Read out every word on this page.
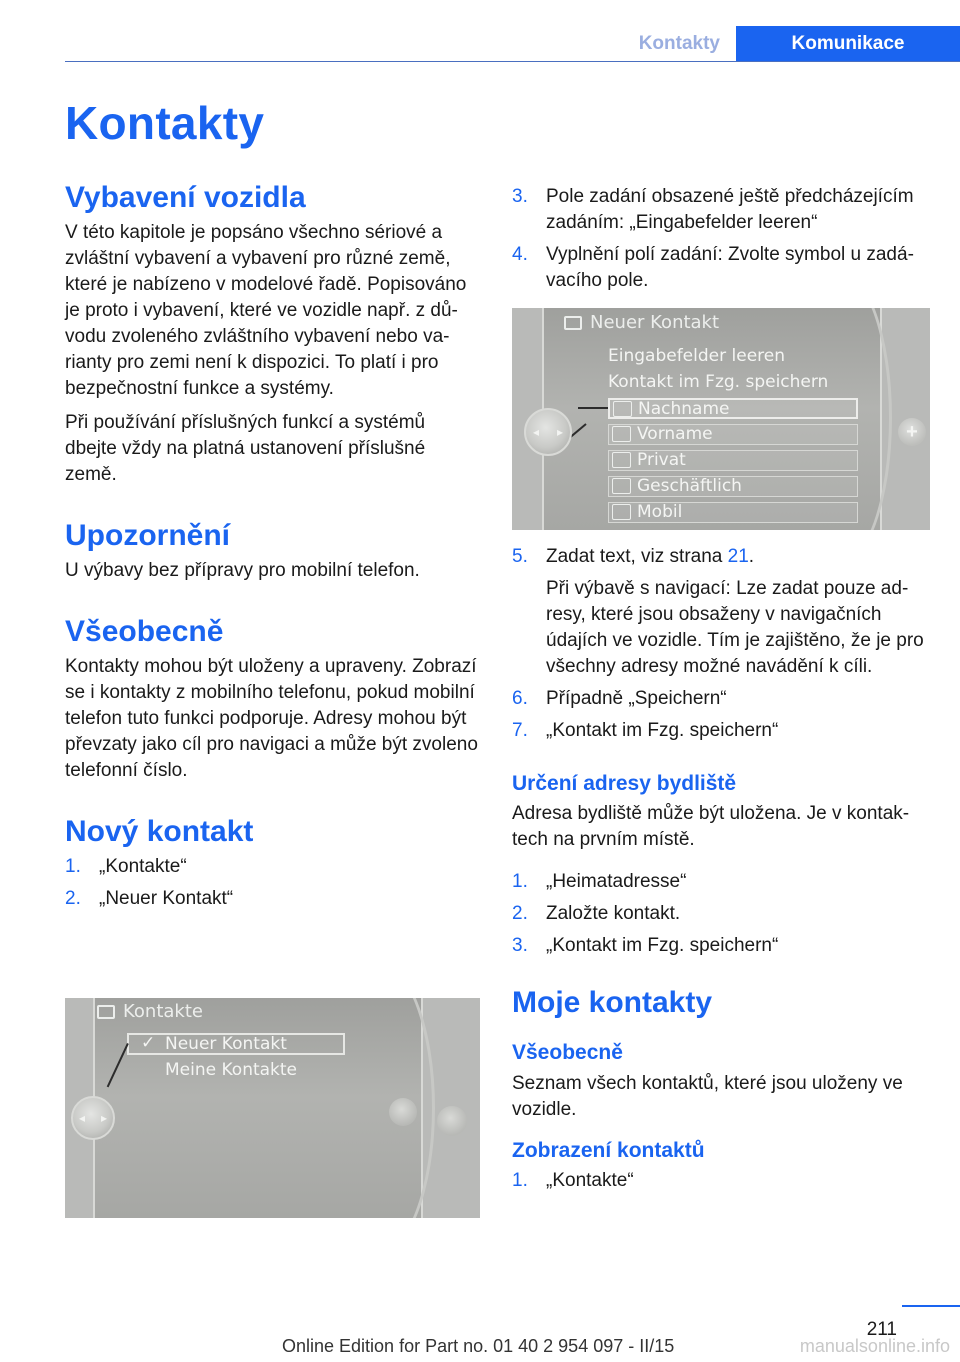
Kontakty	Komunikace
Kontakty
Vybavení vozidla

V této kapitole je popsáno všechno sériové a zvláštní vybavení a vybavení pro různé země, které je nabízeno v modelové řadě. Popisováno je proto i vybavení, které ve vozidle např. z důvodu zvoleného zvláštního vybavení nebo varianty pro zemi není k dispozici. To platí i pro bezpečnostní funkce a systémy.

Při používání příslušných funkcí a systémů dbejte vždy na platná ustanovení příslušné země.

Upozornění

U výbavy bez přípravy pro mobilní telefon.

Všeobecně

Kontakty mohou být uloženy a upraveny. Zobrazí se i kontakty z mobilního telefonu, pokud mobilní telefon tuto funkci podporuje. Adresy mohou být převzaty jako cíl pro navigaci a může být zvoleno telefonní číslo.

Nový kontakt
1. „Kontakte“
2. „Neuer Kontakt“
Kontakte
✓ Neuer Kontakt
Meine Kontakte
◂ ▸
3. Pole zadání obsazené ještě předcházejícím zadáním: „Eingabefelder leeren“
4. Vyplnění polí zadání: Zvolte symbol u zadávacího pole.
Neuer Kontakt
Eingabefelder leeren
Kontakt im Fzg. speichern
Nachname
Vorname
Privat
Geschäftlich
Mobil
◂ ▸	+
5. Zadat text, viz strana 21.
Při výbavě s navigací: Lze zadat pouze adresy, které jsou obsaženy v navigačních údajích ve vozidle. Tím je zajištěno, že je pro všechny adresy možné navádění k cíli.
6. Případně „Speichern“
7. „Kontakt im Fzg. speichern“
Určení adresy bydliště

Adresa bydliště může být uložena. Je v kontaktech na prvním místě.

1. „Heimatadresse“
2. Založte kontakt.
3. „Kontakt im Fzg. speichern“
Moje kontakty
Všeobecně

Seznam všech kontaktů, které jsou uloženy ve vozidle.

Zobrazení kontaktů
1. „Kontakte“
211
Online Edition for Part no. 01 40 2 954 097 - II/15	manualsonline.info
